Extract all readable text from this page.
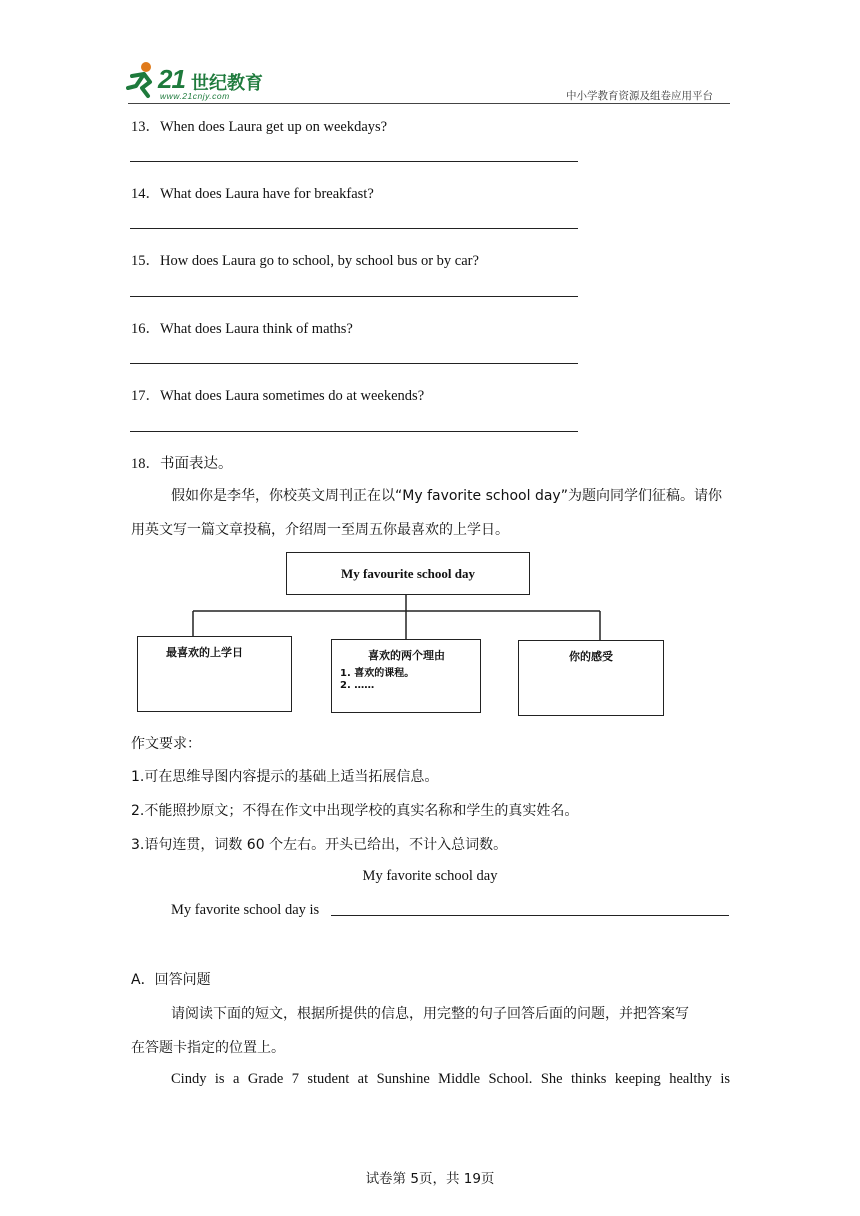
21 世纪教育
www.21cnjy.com	中小学教育资源及组卷应用平台
13．When does Laura get up on weekdays?
14．What does Laura have for breakfast?
15．How does Laura go to school, by school bus or by car?
16．What does Laura think of maths?
17．What does Laura sometimes do at weekends?
18．书面表达。
假如你是李华，你校英文周刊正在以“My favorite school day”为题向同学们征稿。请你
用英文写一篇文章投稿，介绍周一至周五你最喜欢的上学日。
My favourite school day
最喜欢的上学日	喜欢的两个理由
1. 喜欢的课程。
2. ……
你的感受
作文要求：
1.可在思维导图内容提示的基础上适当拓展信息。
2.不能照抄原文；不得在作文中出现学校的真实名称和学生的真实姓名。
3.语句连贯，词数 60 个左右。开头已给出，不计入总词数。
My favorite school day
My favorite school day is
A．回答问题
请阅读下面的短文，根据所提供的信息，用完整的句子回答后面的问题，并把答案写
在答题卡指定的位置上。
Cindy is a Grade 7 student at Sunshine Middle School. She thinks keeping healthy is
试卷第 5页，共 19页
